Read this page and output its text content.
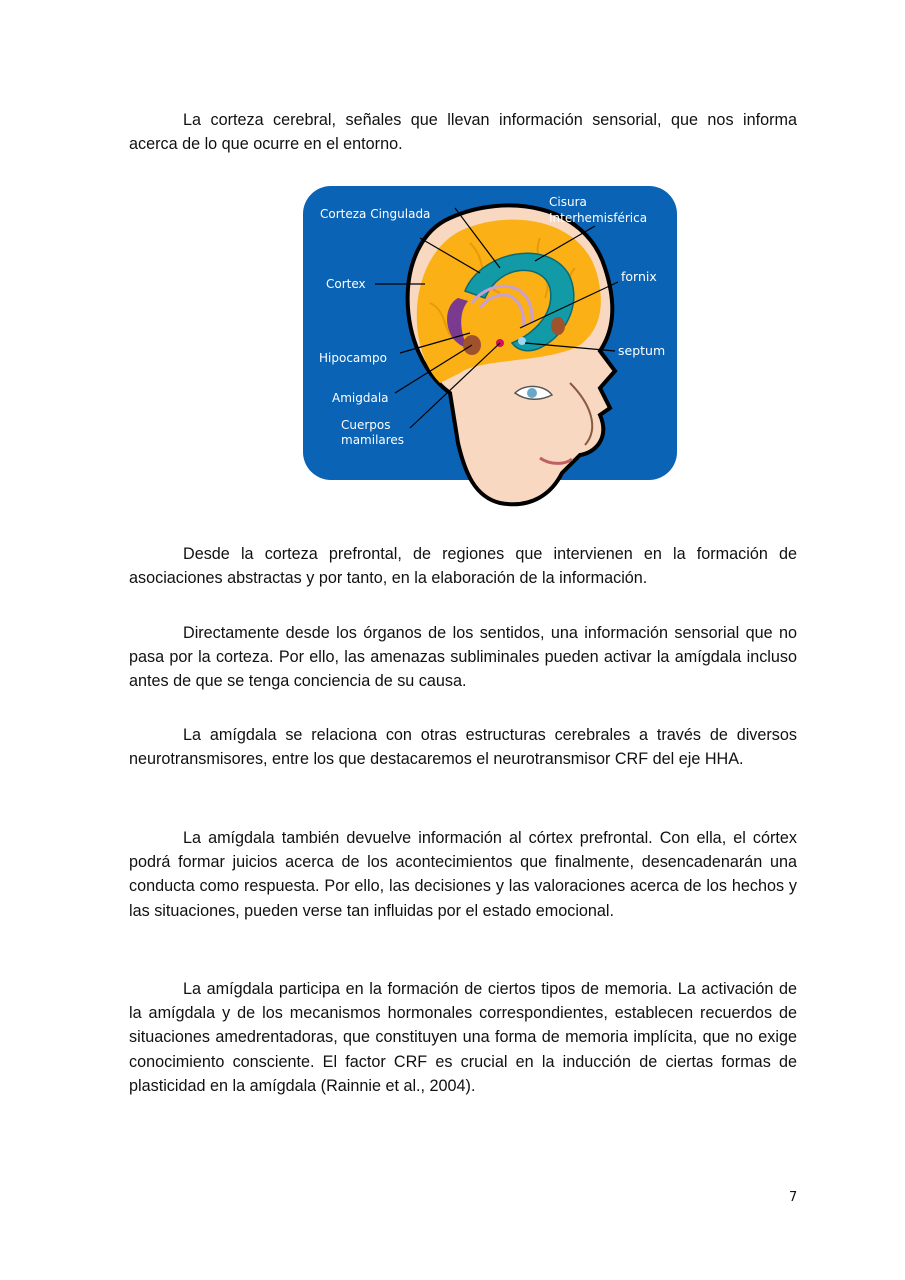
La corteza cerebral, señales que llevan información sensorial, que nos informa acerca de lo que ocurre en el entorno.

Corteza Cingulada
Cisura
Interhemisférica
Cortex	fornix
Hipocampo	septum
Amigdala
Cuerpos
mamilares

Desde la corteza prefrontal, de regiones que intervienen en la formación de asociaciones abstractas y por tanto, en la elaboración de la información.

Directamente desde los órganos de los sentidos, una información sensorial que no pasa por la corteza. Por ello, las amenazas subliminales pueden activar la amígdala incluso antes de que se tenga conciencia de su causa.

La amígdala se relaciona con otras estructuras cerebrales a través de diversos neurotransmisores, entre los que destacaremos el neurotransmisor CRF del eje HHA.

La amígdala también devuelve información al córtex prefrontal. Con ella, el córtex podrá formar juicios acerca de los acontecimientos que finalmente, desencadenarán una conducta como respuesta. Por ello, las decisiones y las valoraciones acerca de los hechos y las situaciones, pueden verse tan influidas por el estado emocional.

La amígdala participa en la formación de ciertos tipos de memoria. La activación de la amígdala y de los mecanismos hormonales correspondientes, establecen recuerdos de situaciones amedrentadoras, que constituyen una forma de memoria implícita, que no exige conocimiento consciente. El factor CRF es crucial en la inducción de ciertas formas de plasticidad en la amígdala (Rainnie et al., 2004).

7
